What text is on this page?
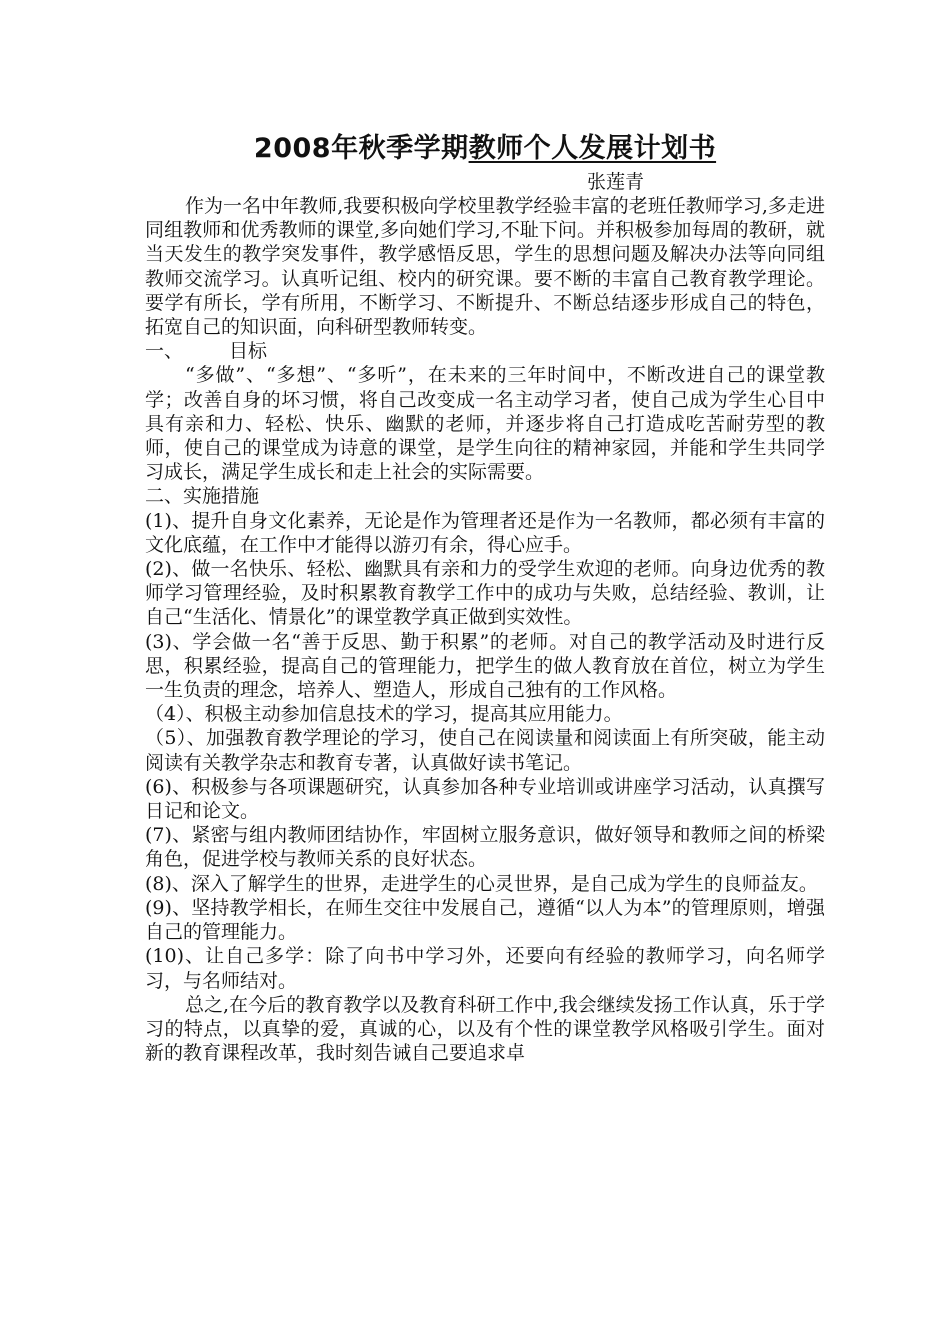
2008年秋季学期教师个人发展计划书

张莲青

作为一名中年教师,我要积极向学校里教学经验丰富的老班任教师学习,多走进同组教师和优秀教师的课堂,多向她们学习,不耻下问。并积极参加每周的教研，就当天发生的教学突发事件，教学感悟反思，学生的思想问题及解决办法等向同组教师交流学习。认真听记组、校内的研究课。要不断的丰富自己教育教学理论。要学有所长，学有所用，不断学习、不断提升、不断总结逐步形成自己的特色，拓宽自己的知识面，向科研型教师转变。

一、 目标

“多做”、“多想”、“多听”，在未来的三年时间中，不断改进自己的课堂教学；改善自身的坏习惯，将自己改变成一名主动学习者，使自己成为学生心目中具有亲和力、轻松、快乐、幽默的老师，并逐步将自己打造成吃苦耐劳型的教师，使自己的课堂成为诗意的课堂，是学生向往的精神家园，并能和学生共同学习成长，满足学生成长和走上社会的实际需要。

二、实施措施

(1)、提升自身文化素养，无论是作为管理者还是作为一名教师，都必须有丰富的文化底蕴，在工作中才能得以游刃有余，得心应手。

(2)、做一名快乐、轻松、幽默具有亲和力的受学生欢迎的老师。向身边优秀的教师学习管理经验，及时积累教育教学工作中的成功与失败，总结经验、教训，让自己“生活化、情景化”的课堂教学真正做到实效性。

(3)、学会做一名“善于反思、勤于积累”的老师。对自己的教学活动及时进行反思，积累经验，提高自己的管理能力，把学生的做人教育放在首位，树立为学生一生负责的理念，培养人、塑造人，形成自己独有的工作风格。

（4）、积极主动参加信息技术的学习，提高其应用能力。

（5）、加强教育教学理论的学习，使自己在阅读量和阅读面上有所突破，能主动阅读有关教学杂志和教育专著，认真做好读书笔记。

(6)、积极参与各项课题研究，认真参加各种专业培训或讲座学习活动，认真撰写日记和论文。

(7)、紧密与组内教师团结协作，牢固树立服务意识，做好领导和教师之间的桥梁角色，促进学校与教师关系的良好状态。

(8)、深入了解学生的世界，走进学生的心灵世界，是自己成为学生的良师益友。

(9)、坚持教学相长，在师生交往中发展自己，遵循“以人为本”的管理原则，增强自己的管理能力。

(10)、让自己多学：除了向书中学习外，还要向有经验的教师学习，向名师学习，与名师结对。

总之,在今后的教育教学以及教育科研工作中,我会继续发扬工作认真，乐于学习的特点，以真挚的爱，真诚的心，以及有个性的课堂教学风格吸引学生。面对新的教育课程改革，我时刻告诫自己要追求卓
